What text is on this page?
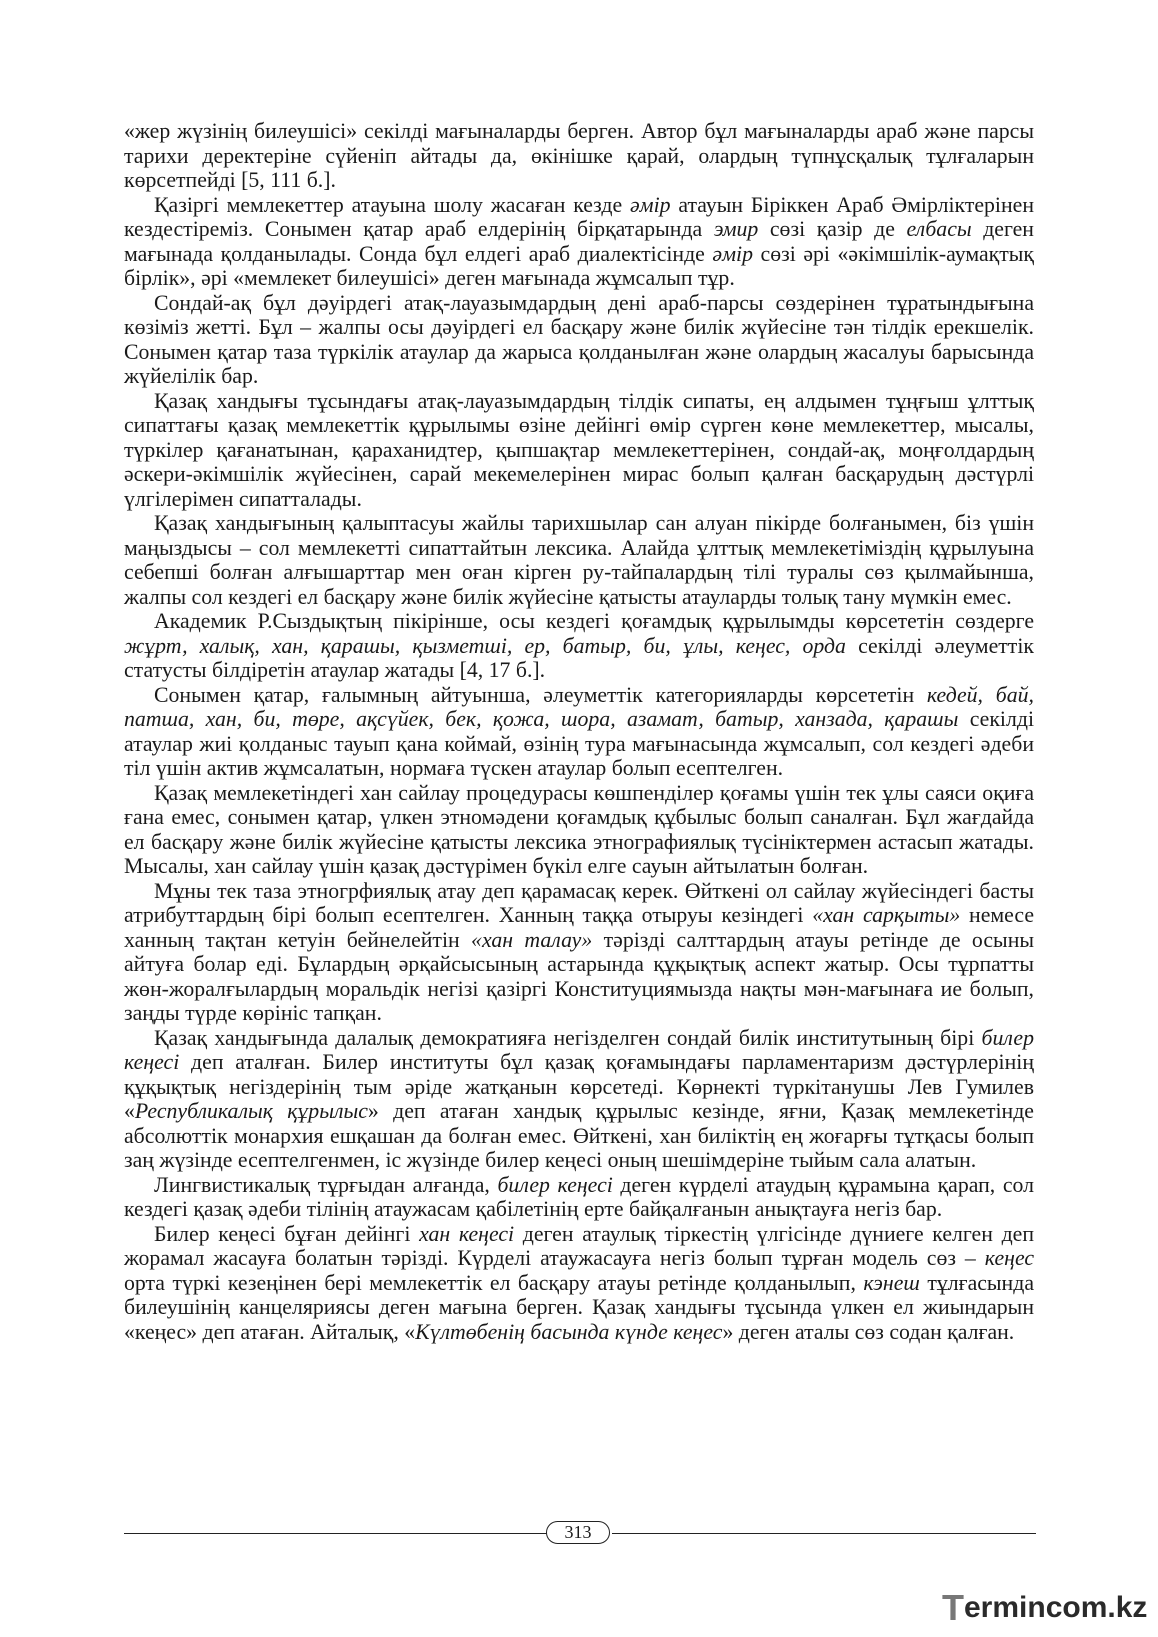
«жер жүзінің билеушісі» секілді мағыналарды берген. Автор бұл мағыналарды араб және парсы тарихи деректеріне сүйеніп айтады да, өкінішке қарай, олардың түпнұсқалық тұлғаларын көрсетпейді [5, 111 б.].

Қазіргі мемлекеттер атауына шолу жасаған кезде әмір атауын Біріккен Араб Әмірліктерінен кездестіреміз. Сонымен қатар араб елдерінің бірқатарында эмир сөзі қазір де елбасы деген мағынада қолданылады. Сонда бұл елдегі араб диалектісінде әмір сөзі әрі «әкімшілік-аумақтық бірлік», әрі «мемлекет билеушісі» деген мағынада жұмсалып тұр.

Сондай-ақ бұл дәуірдегі атақ-лауазымдардың дені араб-парсы сөздерінен тұратындығына көзіміз жетті. Бұл – жалпы осы дәуірдегі ел басқару және билік жүйесіне тән тілдік ерекшелік. Сонымен қатар таза түркілік атаулар да жарыса қолданылған және олардың жасалуы барысында жүйелілік бар.

Қазақ хандығы тұсындағы атақ-лауазымдардың тілдік сипаты, ең алдымен тұңғыш ұлттық сипаттағы қазақ мемлекеттік құрылымы өзіне дейінгі өмір сүрген көне мемлекеттер, мысалы, түркілер қағанатынан, қараханидтер, қыпшақтар мемлекеттерінен, сондай-ақ, моңғолдардың әскери-әкімшілік жүйесінен, сарай мекемелерінен мирас болып қалған басқарудың дәстүрлі үлгілерімен сипатталады.

Қазақ хандығының қалыптасуы жайлы тарихшылар сан алуан пікірде болғанымен, біз үшін маңыздысы – сол мемлекетті сипаттайтын лексика. Алайда ұлттық мемлекетіміздің құрылуына себепші болған алғышарттар мен оған кірген ру-тайпалардың тілі туралы сөз қылмайынша, жалпы сол кездегі ел басқару және билік жүйесіне қатысты атауларды толық тану мүмкін емес.

Академик Р.Сыздықтың пікірінше, осы кездегі қоғамдық құрылымды көрсететін сөздерге жұрт, халық, хан, қарашы, қызметші, ер, батыр, би, ұлы, кеңес, орда секілді әлеуметтік статусты білдіретін атаулар жатады [4, 17 б.].

Сонымен қатар, ғалымның айтуынша, әлеуметтік категорияларды көрсететін кедей, бай, патша, хан, би, төре, ақсүйек, бек, қожа, шора, азамат, батыр, ханзада, қарашы секілді атаулар жиі қолданыс тауып қана коймай, өзінің тура мағынасында жұмсалып, сол кездегі әдеби тіл үшін актив жұмсалатын, нормаға түскен атаулар болып есептелген.

Қазақ мемлекетіндегі хан сайлау процедурасы көшпенділер қоғамы үшін тек ұлы саяси оқиға ғана емес, сонымен қатар, үлкен этномәдени қоғамдық құбылыс болып саналған. Бұл жағдайда ел басқару және билік жүйесіне қатысты лексика этнографиялық түсініктермен астасып жатады. Мысалы, хан сайлау үшін қазақ дәстүрімен бүкіл елге сауын айтылатын болған.

Мұны тек таза этногрфиялық атау деп қарамасақ керек. Өйткені ол сайлау жүйесіндегі басты атрибуттардың бірі болып есептелген. Ханның таққа отыруы кезіндегі «хан сарқыты» немесе ханның тақтан кетуін бейнелейтін «хан талау» тәрізді салттардың атауы ретінде де осыны айтуға болар еді. Бұлардың әрқайсысының астарында құқықтық аспект жатыр. Осы тұрпатты жөн-жоралғылардың моральдік негізі қазіргі Конституциямызда нақты мән-мағынаға ие болып, заңды түрде көрініс тапқан.

Қазақ хандығында далалық демократияға негізделген сондай билік институтының бірі билер кеңесі деп аталған. Билер институты бұл қазақ қоғамындағы парламентаризм дәстүрлерінің құқықтық негіздерінің тым әріде жатқанын көрсетеді. Көрнекті түркітанушы Лев Гумилев «Республикалық құрылыс» деп атаған хандық құрылыс кезінде, яғни, Қазақ мемлекетінде абсолюттік монархия ешқашан да болған емес. Өйткені, хан биліктің ең жоғарғы тұтқасы болып заң жүзінде есептелгенмен, іс жүзінде билер кеңесі оның шешімдеріне тыйым сала алатын.

Лингвистикалық тұрғыдан алғанда, билер кеңесі деген күрделі атаудың құрамына қарап, сол кездегі қазақ әдеби тілінің атаужасам қабілетінің ерте байқалғанын анықтауға негіз бар.

Билер кеңесі бұған дейінгі хан кеңесі деген атаулық тіркестің үлгісінде дүниеге келген деп жорамал жасауға болатын тәрізді. Күрделі атаужасауға негіз болып тұрған модель сөз – кеңес орта түркі кезеңінен бері мемлекеттік ел басқару атауы ретінде қолданылып, кэнеш тұлғасында билеушінің канцеляриясы деген мағына берген. Қазақ хандығы тұсында үлкен ел жиындарын «кеңес» деп атаған. Айталық, «Күлтөбенің басында күнде кеңес» деген аталы сөз содан қалған.

313
Termincom.kz
